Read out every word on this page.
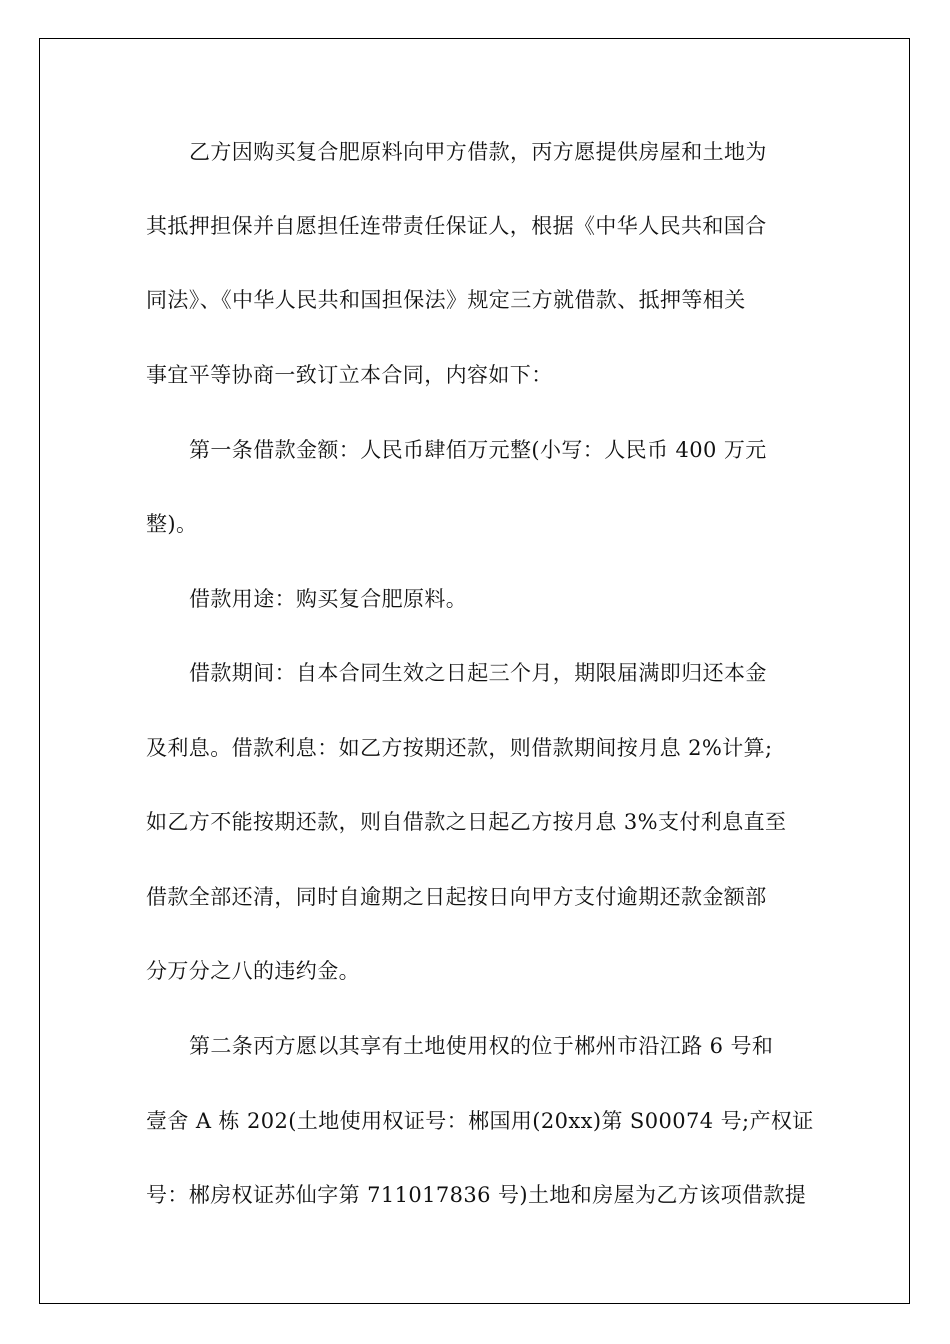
乙方因购买复合肥原料向甲方借款，丙方愿提供房屋和土地为
其抵押担保并自愿担任连带责任保证人，根据《中华人民共和国合
同法》、《中华人民共和国担保法》规定三方就借款、抵押等相关
事宜平等协商一致订立本合同，内容如下：
第一条借款金额：人民币肆佰万元整(小写：人民币 400 万元
整)。
借款用途：购买复合肥原料。
借款期间：自本合同生效之日起三个月，期限届满即归还本金
及利息。借款利息：如乙方按期还款，则借款期间按月息 2%计算;
如乙方不能按期还款，则自借款之日起乙方按月息 3%支付利息直至
借款全部还清，同时自逾期之日起按日向甲方支付逾期还款金额部
分万分之八的违约金。
第二条丙方愿以其享有土地使用权的位于郴州市沿江路 6 号和
壹舍 A 栋 202(土地使用权证号：郴国用(20xx)第 S00074 号;产权证
号：郴房权证苏仙字第 711017836 号)土地和房屋为乙方该项借款提
